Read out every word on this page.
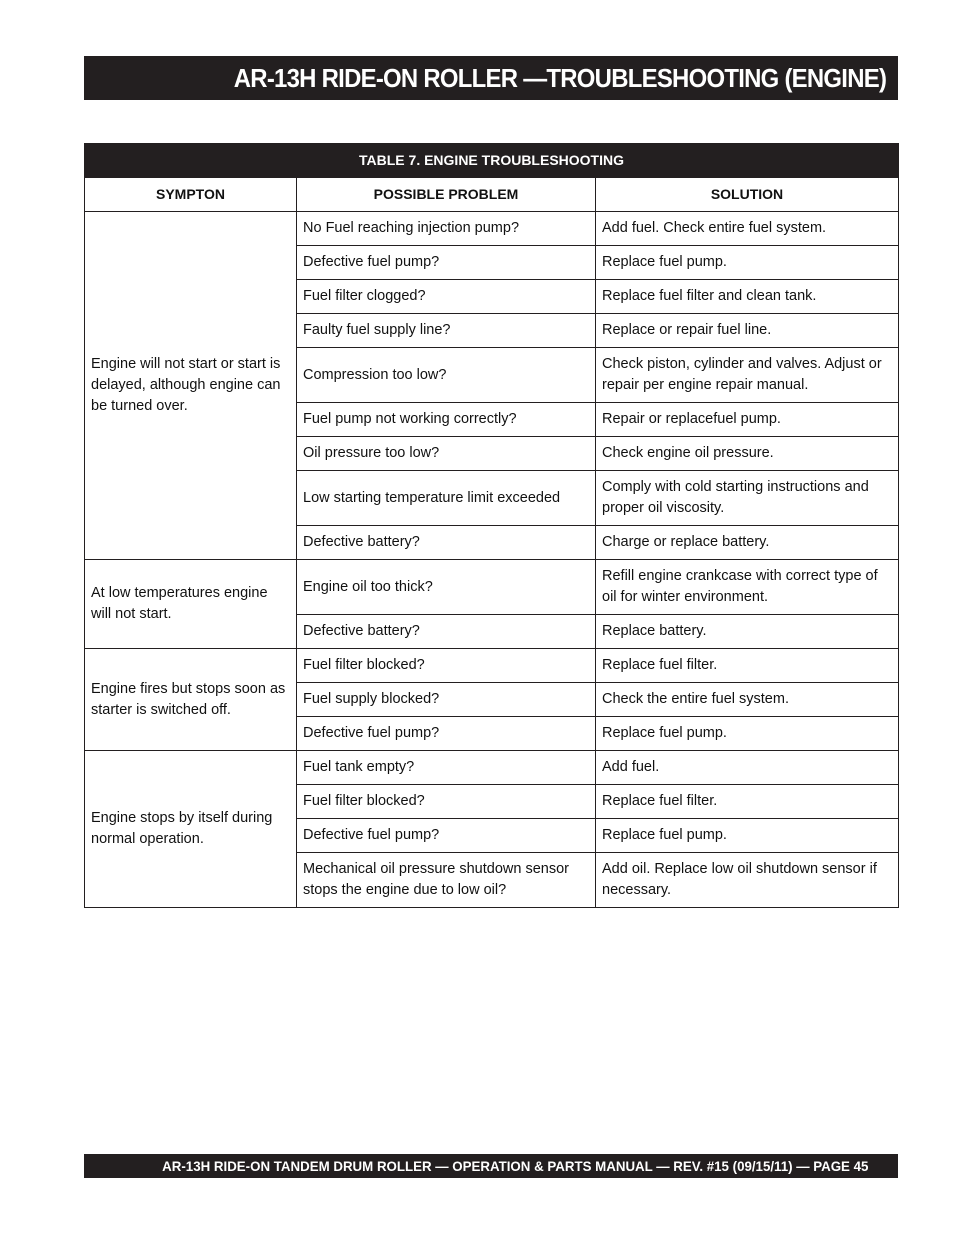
AR-13H RIDE-ON ROLLER —TROUBLESHOOTING (ENGINE)
TABLE 7. ENGINE TROUBLESHOOTING		
SYMPTON	POSSIBLE PROBLEM	SOLUTION
Engine will not start or start is delayed, although engine can be turned over.	No Fuel reaching injection pump?	Add fuel. Check entire fuel system.
	Defective fuel pump?	Replace fuel pump.
	Fuel filter clogged?	Replace fuel filter and clean tank.
	Faulty fuel supply line?	Replace or repair fuel line.
	Compression too low?	Check piston, cylinder and valves. Adjust or repair per engine repair manual.
	Fuel pump not working correctly?	Repair or replacefuel pump.
	Oil pressure too low?	Check engine oil pressure.
	Low starting temperature limit exceeded	Comply with cold starting instructions and proper oil viscosity.
	Defective battery?	Charge or replace battery.
At low temperatures engine will not start.	Engine oil too thick?	Refill engine crankcase with correct type of oil for winter environment.
	Defective battery?	Replace battery.
Engine fires but stops soon as starter is switched off.	Fuel filter blocked?	Replace fuel filter.
	Fuel supply blocked?	Check the entire fuel system.
	Defective fuel pump?	Replace fuel pump.
Engine stops by itself during normal operation.	Fuel tank empty?	Add fuel.
	Fuel filter blocked?	Replace fuel filter.
	Defective fuel pump?	Replace fuel pump.
	Mechanical oil pressure shutdown sensor stops the engine due to low oil?	Add oil. Replace low oil shutdown sensor if necessary.
AR-13H RIDE-ON TANDEM DRUM ROLLER — OPERATION & PARTS MANUAL — REV. #15 (09/15/11) — PAGE 45
